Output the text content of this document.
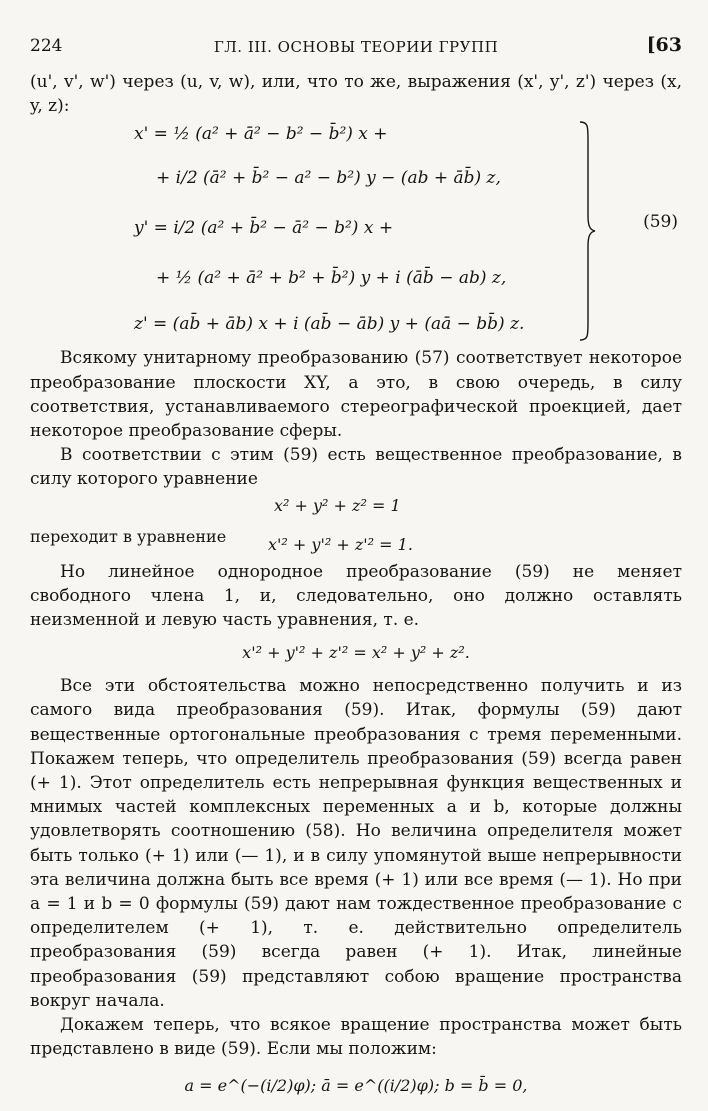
224	ГЛ. III. ОСНОВЫ ТЕОРИИ ГРУПП	[63

(u', v', w') через (u, v, w), или, что то же, выражения (x', y', z') через (x, y, z):

x' = ½ (a² + ā² − b² − b̄²) x +
+ i/2 (ā² + b̄² − a² − b²) y − (ab + āb̄) z,
y' = i/2 (a² + b̄² − ā² − b²) x +
+ ½ (a² + ā² + b² + b̄²) y + i (āb̄ − ab) z,
z' = (ab̄ + āb) x + i (ab̄ − āb) y + (aā − bb̄) z.
(59)

Всякому унитарному преобразованию (57) соответствует некоторое преобразование плоскости XY, а это, в свою очередь, в силу соответствия, устанавливаемого стереографической проекцией, дает некоторое преобразование сферы.

В соответствии с этим (59) есть вещественное преобразование, в силу которого уравнение

x² + y² + z² = 1
переходит в уравнение	x'² + y'² + z'² = 1.

Но линейное однородное преобразование (59) не меняет свободного члена 1, и, следовательно, оно должно оставлять неизменной и левую часть уравнения, т. е.

x'² + y'² + z'² = x² + y² + z².

Все эти обстоятельства можно непосредственно получить и из самого вида преобразования (59). Итак, формулы (59) дают вещественные ортогональные преобразования с тремя переменными. Покажем теперь, что определитель преобразования (59) всегда равен (+ 1). Этот определитель есть непрерывная функция вещественных и мнимых частей комплексных переменных a и b, которые должны удовлетворять соотношению (58). Но величина определителя может быть только (+ 1) или (— 1), и в силу упомянутой выше непрерывности эта величина должна быть все время (+ 1) или все время (— 1). Но при a = 1 и b = 0 формулы (59) дают нам тождественное преобразование с определителем (+ 1), т. е. действительно определитель преобразования (59) всегда равен (+ 1). Итак, линейные преобразования (59) представляют собою вращение пространства вокруг начала.

Докажем теперь, что всякое вращение пространства может быть представлено в виде (59). Если мы положим:

a = e^(−(i/2)φ); ā = e^((i/2)φ); b = b̄ = 0,
